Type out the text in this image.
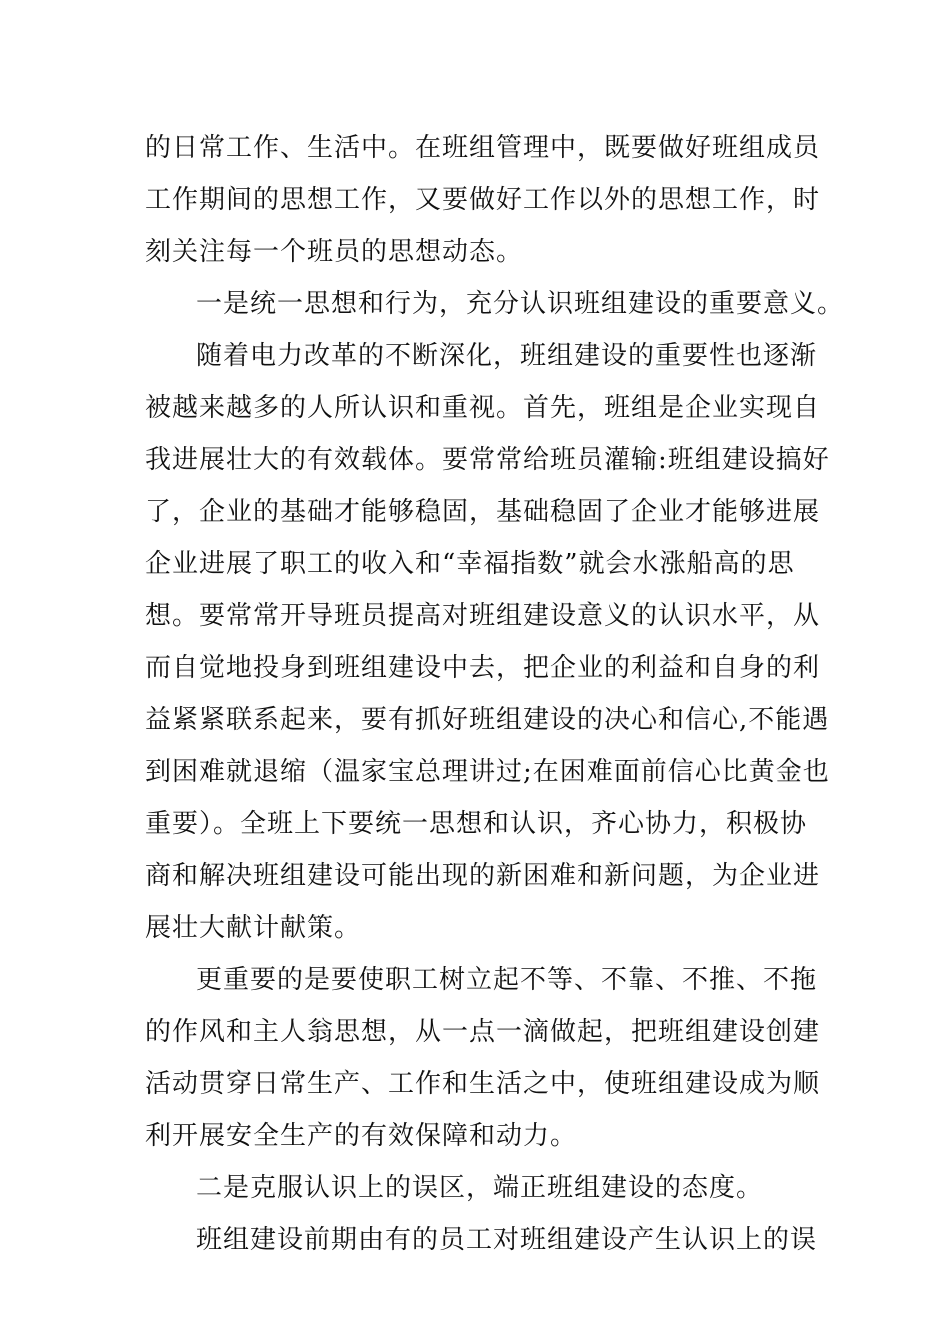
的日常工作、生活中。在班组管理中，既要做好班组成员
工作期间的思想工作，又要做好工作以外的思想工作，时
刻关注每一个班员的思想动态。
一是统一思想和行为，充分认识班组建设的重要意义。
随着电力改革的不断深化，班组建设的重要性也逐渐
被越来越多的人所认识和重视。首先，班组是企业实现自
我进展壮大的有效载体。要常常给班员灌输:班组建设搞好
了，企业的基础才能够稳固，基础稳固了企业才能够进展
企业进展了职工的收入和“幸福指数”就会水涨船高的思
想。要常常开导班员提高对班组建设意义的认识水平，从
而自觉地投身到班组建设中去，把企业的利益和自身的利
益紧紧联系起来，要有抓好班组建设的决心和信心,不能遇
到困难就退缩（温家宝总理讲过;在困难面前信心比黄金也
重要）。全班上下要统一思想和认识，齐心协力，积极协
商和解决班组建设可能出现的新困难和新问题，为企业进
展壮大献计献策。
更重要的是要使职工树立起不等、不靠、不推、不拖
的作风和主人翁思想，从一点一滴做起，把班组建设创建
活动贯穿日常生产、工作和生活之中，使班组建设成为顺
利开展安全生产的有效保障和动力。
二是克服认识上的误区，端正班组建设的态度。
班组建设前期由有的员工对班组建设产生认识上的误
